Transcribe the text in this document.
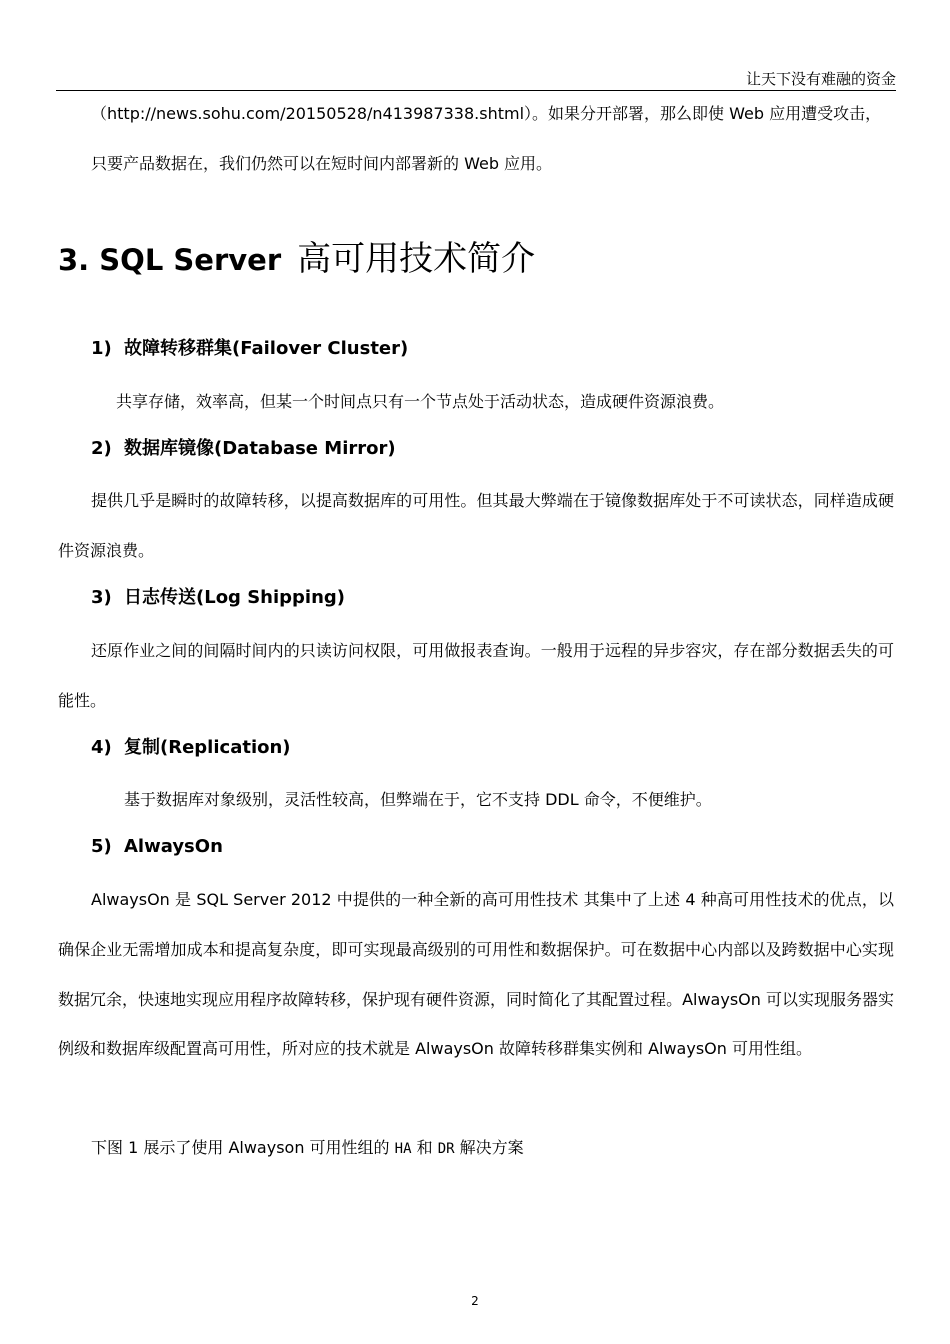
让天下没有难融的资金
（http://news.sohu.com/20150528/n413987338.shtml）。如果分开部署，那么即使 Web 应用遭受攻击，
只要产品数据在，我们仍然可以在短时间内部署新的 Web 应用。
3. SQL Server 高可用技术简介
1) 故障转移群集(Failover Cluster)
共享存储，效率高，但某一个时间点只有一个节点处于活动状态，造成硬件资源浪费。
2) 数据库镜像(Database Mirror)
提供几乎是瞬时的故障转移，以提高数据库的可用性。但其最大弊端在于镜像数据库处于不可读状态，同样造成硬件资源浪费。
3) 日志传送(Log Shipping)
还原作业之间的间隔时间内的只读访问权限，可用做报表查询。一般用于远程的异步容灾，存在部分数据丢失的可能性。
4) 复制(Replication)
基于数据库对象级别，灵活性较高，但弊端在于，它不支持 DDL 命令，不便维护。
5) AlwaysOn
AlwaysOn 是 SQL Server 2012 中提供的一种全新的高可用性技术 其集中了上述 4 种高可用性技术的优点，以确保企业无需增加成本和提高复杂度，即可实现最高级别的可用性和数据保护。可在数据中心内部以及跨数据中心实现数据冗余，快速地实现应用程序故障转移，保护现有硬件资源，同时简化了其配置过程。AlwaysOn 可以实现服务器实例级和数据库级配置高可用性，所对应的技术就是 AlwaysOn 故障转移群集实例和 AlwaysOn 可用性组。
下图 1 展示了使用 Alwayson 可用性组的 HA 和 DR 解决方案
2
